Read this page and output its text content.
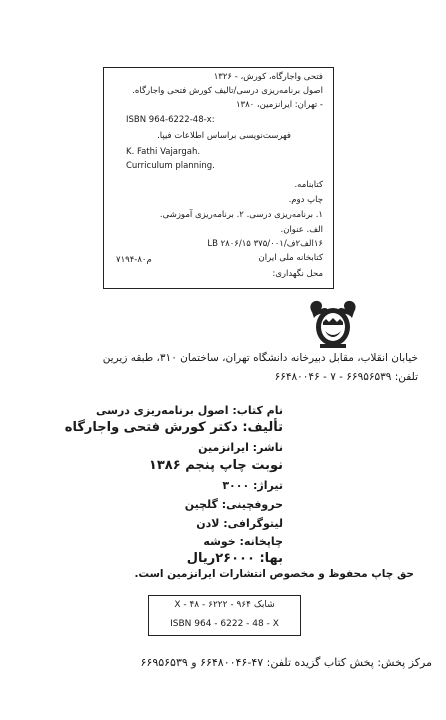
فتحی واجارگاه، کورش، - ۱۳۲۶
اصول برنامه‌ریزی درسی/تالیف کورش فتحی واجارگاه.
- تهران: ایرانزمین، ۱۳۸۰
ISBN 964-6222-48-x:
فهرست‌نویسی براساس اطلاعات فیپا.
K. Fathi Vajargah.
Curriculum planning.
کتابنامه.
چاپ دوم.
۱. برنامه‌ریزی درسی. ۲. برنامه‌ریزی آموزشی.
الف. عنوان.
۱۶الف۲ف/LB ۲۸۰۶/۱۵ ۳۷۵/۰۰۱
کتابخانه ملی ایران
م۸۰-۷۱۹۴
محل نگهداری:
خیابان انقلاب، مقابل دبیرخانه دانشگاه تهران، ساختمان ۳۱۰، طبقه زیرین
تلفن: ۶۶۹۵۶۵۳۹ - ۷ - ۶۶۴۸۰۰۴۶
نام کتاب: اصول برنامه‌ریزی درسی
تألیف: دکتر کورش فتحی واجارگاه
ناشر: ایرانزمین
نوبت چاپ پنجم ۱۳۸۶
تیراژ: ۳۰۰۰
حروفچینی: گلچین
لیتوگرافی: لادن
چاپخانه: خوشه
بها: ۲۶۰۰۰ریال
حق چاپ محفوظ و مخصوص انتشارات ایرانزمین است.
شابک ۹۶۴ - ۶۲۲۲ - ۴۸ - X
ISBN 964 - 6222 - 48 - X
مرکز پخش: پخش کتاب گزیده تلفن: ۴۷-۶۶۴۸۰۰۴۶ و ۶۶۹۵۶۵۳۹
